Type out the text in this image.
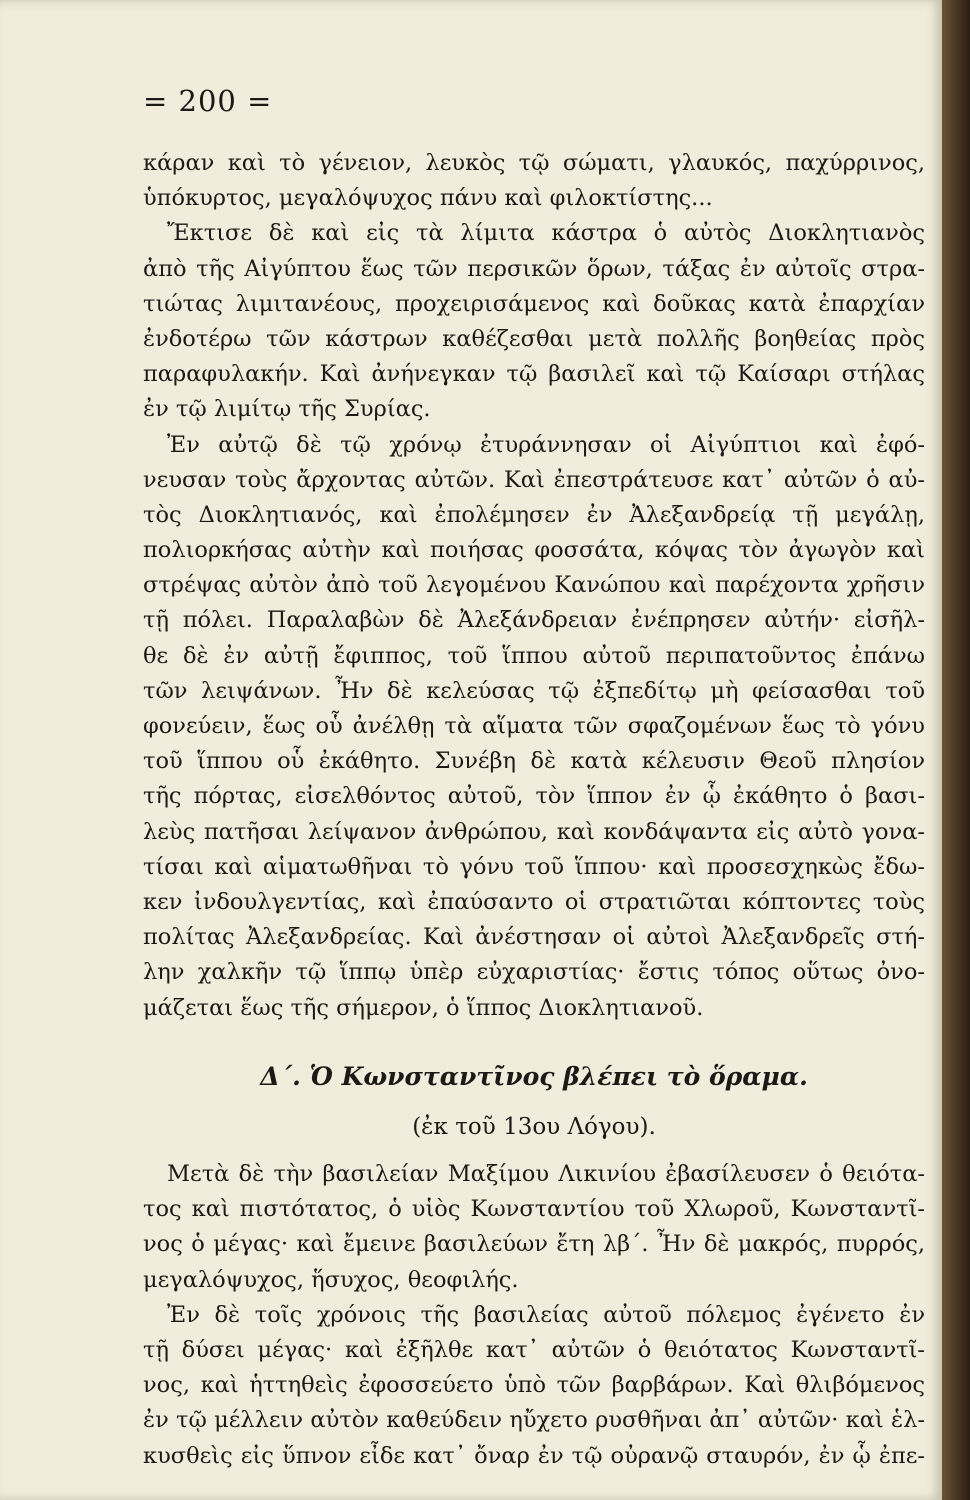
= 200 =
κάραν καὶ τὸ γένειον, λευκὸς τῷ σώματι, γλαυκός, παχύρρινος,
ὑπόκυρτος, μεγαλόψυχος πάνυ καὶ φιλοκτίστης...
Ἔκτισε δὲ καὶ εἰς τὰ λίμιτα κάστρα ὁ αὐτὸς Διοκλητιανὸς
ἀπὸ τῆς Αἰγύπτου ἕως τῶν περσικῶν ὅρων, τάξας ἐν αὐτοῖς στρα-
τιώτας λιμιτανέους, προχειρισάμενος καὶ δοῦκας κατὰ ἐπαρχίαν
ἐνδοτέρω τῶν κάστρων καθέζεσθαι μετὰ πολλῆς βοηθείας πρὸς
παραφυλακήν. Καὶ ἀνήνεγκαν τῷ βασιλεῖ καὶ τῷ Καίσαρι στήλας
ἐν τῷ λιμίτῳ τῆς Συρίας.
Ἐν αὐτῷ δὲ τῷ χρόνῳ ἐτυράννησαν οἱ Αἰγύπτιοι καὶ ἐφό-
νευσαν τοὺς ἄρχοντας αὐτῶν. Καὶ ἐπεστράτευσε κατ᾿ αὐτῶν ὁ αὐ-
τὸς Διοκλητιανός, καὶ ἐπολέμησεν ἐν Ἀλεξανδρείᾳ τῇ μεγάλῃ,
πολιορκήσας αὐτὴν καὶ ποιήσας φοσσάτα, κόψας τὸν ἀγωγὸν καὶ
στρέψας αὐτὸν ἀπὸ τοῦ λεγομένου Κανώπου καὶ παρέχοντα χρῆσιν
τῇ πόλει. Παραλαβὼν δὲ Ἀλεξάνδρειαν ἐνέπρησεν αὐτήν· εἰσῆλ-
θε δὲ ἐν αὐτῇ ἔφιππος, τοῦ ἵππου αὐτοῦ περιπατοῦντος ἐπάνω
τῶν λειψάνων. Ἦν δὲ κελεύσας τῷ ἐξπεδίτῳ μὴ φείσασθαι τοῦ
φονεύειν, ἕως οὗ ἀνέλθῃ τὰ αἵματα τῶν σφαζομένων ἕως τὸ γόνυ
τοῦ ἵππου οὗ ἐκάθητο. Συνέβη δὲ κατὰ κέλευσιν Θεοῦ πλησίον
τῆς πόρτας, εἰσελθόντος αὐτοῦ, τὸν ἵππον ἐν ᾧ ἐκάθητο ὁ βασι-
λεὺς πατῆσαι λείψανον ἀνθρώπου, καὶ κονδάψαντα εἰς αὐτὸ γονα-
τίσαι καὶ αἱματωθῆναι τὸ γόνυ τοῦ ἵππου· καὶ προσεσχηκὼς ἔδω-
κεν ἰνδουλγεντίας, καὶ ἐπαύσαντο οἱ στρατιῶται κόπτοντες τοὺς
πολίτας Ἀλεξανδρείας. Καὶ ἀνέστησαν οἱ αὐτοὶ Ἀλεξανδρεῖς στή-
λην χαλκῆν τῷ ἵππῳ ὑπὲρ εὐχαριστίας· ἔστις τόπος οὕτως ὀνο-
μάζεται ἕως τῆς σήμερον, ὁ ἵππος Διοκλητιανοῦ.
Δ΄. Ὁ Κωνσταντῖνος βλέπει τὸ ὅραμα.
(ἐκ τοῦ 13ου Λόγου).
Μετὰ δὲ τὴν βασιλείαν Μαξίμου Λικινίου ἐβασίλευσεν ὁ θειότα-
τος καὶ πιστότατος, ὁ υἱὸς Κωνσταντίου τοῦ Χλωροῦ, Κωνσταντῖ-
νος ὁ μέγας· καὶ ἔμεινε βασιλεύων ἔτη λβ΄. Ἦν δὲ μακρός, πυρρός,
μεγαλόψυχος, ἥσυχος, θεοφιλής.
Ἐν δὲ τοῖς χρόνοις τῆς βασιλείας αὐτοῦ πόλεμος ἐγένετο ἐν
τῇ δύσει μέγας· καὶ ἐξῆλθε κατ᾿ αὐτῶν ὁ θειότατος Κωνσταντῖ-
νος, καὶ ἡττηθεὶς ἐφοσσεύετο ὑπὸ τῶν βαρβάρων. Καὶ θλιβόμενος
ἐν τῷ μέλλειν αὐτὸν καθεύδειν ηὔχετο ρυσθῆναι ἀπ᾿ αὐτῶν· καὶ ἑλ-
κυσθεὶς εἰς ὕπνον εἶδε κατ᾿ ὄναρ ἐν τῷ οὐρανῷ σταυρόν, ἐν ᾧ ἐπε-
